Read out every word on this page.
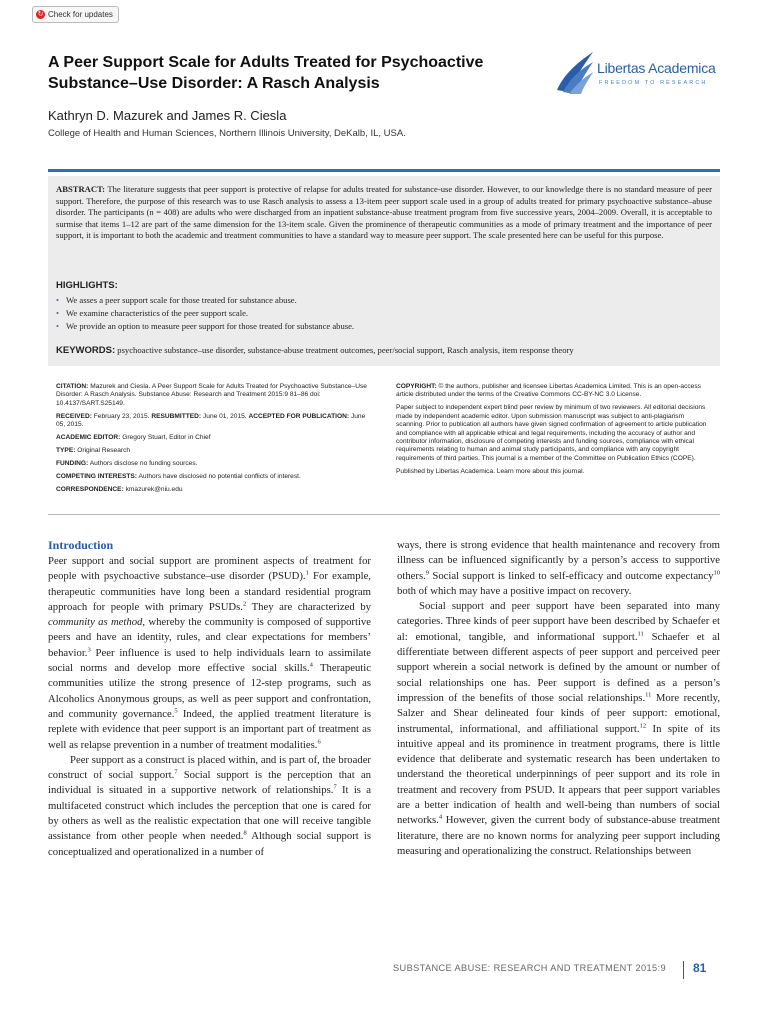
↻ Check for updates
A Peer Support Scale for Adults Treated for Psychoactive Substance–Use Disorder: A Rasch Analysis
Libertas Academica
FREEDOM TO RESEARCH
Kathryn D. Mazurek and James R. Ciesla
College of Health and Human Sciences, Northern Illinois University, DeKalb, IL, USA.

ABSTRACT: The literature suggests that peer support is protective of relapse for adults treated for substance-use disorder. However, to our knowledge there is no standard measure of peer support. Therefore, the purpose of this research was to use Rasch analysis to assess a 13-item peer support scale used in a group of adults treated for primary psychoactive substance–abuse disorder. The participants (n = 408) are adults who were discharged from an inpatient substance-abuse treatment program from five successive years, 2004–2009. Overall, it is acceptable to surmise that items 1–12 are part of the same dimension for the 13-item scale. Given the prominence of therapeutic communities as a mode of primary treatment and the importance of peer support, it is important to both the academic and treatment communities to have a standard way to measure peer support. The scale presented here can be useful for this purpose.

HIGHLIGHTS:
• We asses a peer support scale for those treated for substance abuse.
• We examine characteristics of the peer support scale.
• We provide an option to measure peer support for those treated for substance abuse.
KEYWORDS: psychoactive substance–use disorder, substance-abuse treatment outcomes, peer/social support, Rasch analysis, item response theory

CITATION: Mazurek and Ciesla. A Peer Support Scale for Adults Treated for Psychoactive Substance–Use Disorder: A Rasch Analysis. Substance Abuse: Research and Treatment 2015:9 81–86 doi: 10.4137/SART.S25149.

RECEIVED: February 23, 2015. RESUBMITTED: June 01, 2015. ACCEPTED FOR PUBLICATION: June 05, 2015.

ACADEMIC EDITOR: Gregory Stuart, Editor in Chief

TYPE: Original Research

FUNDING: Authors disclose no funding sources.

COMPETING INTERESTS: Authors have disclosed no potential conflicts of interest.

CORRESPONDENCE: kmazurek@niu.edu

COPYRIGHT: © the authors, publisher and licensee Libertas Academica Limited. This is an open-access article distributed under the terms of the Creative Commons CC-BY-NC 3.0 License.

Paper subject to independent expert blind peer review by minimum of two reviewers. All editorial decisions made by independent academic editor. Upon submission manuscript was subject to anti-plagiarism scanning. Prior to publication all authors have given signed confirmation of agreement to article publication and compliance with all applicable ethical and legal requirements, including the accuracy of author and contributor information, disclosure of competing interests and funding sources, compliance with ethical requirements relating to human and animal study participants, and compliance with any copyright requirements of third parties. This journal is a member of the Committee on Publication Ethics (COPE).

Published by Libertas Academica. Learn more about this journal.

Introduction

Peer support and social support are prominent aspects of treatment for people with psychoactive substance–use disorder (PSUD).$^1$ For example, therapeutic communities have long been a standard residential program approach for people with primary PSUDs.$^2$ They are characterized by community as method, whereby the community is composed of supportive peers and have an identity, rules, and clear expectations for members’ behavior.$^3$ Peer influence is used to help individuals learn to assimilate social norms and develop more effective social skills.$^4$ Therapeutic communities utilize the strong presence of 12-step programs, such as Alcoholics Anonymous groups, as well as peer support and confrontation, and community governance.$^5$ Indeed, the applied treatment literature is replete with evidence that peer support is an important part of treatment as well as relapse prevention in a number of treatment modalities.$^6$

Peer support as a construct is placed within, and is part of, the broader construct of social support.$^7$ Social support is the perception that an individual is situated in a supportive network of relationships.$^7$ It is a multifaceted construct which includes the perception that one is cared for by others as well as the realistic expectation that one will receive tangible assistance from other people when needed.$^8$ Although social support is conceptualized and operationalized in a number of

ways, there is strong evidence that health maintenance and recovery from illness can be influenced significantly by a person’s access to supportive others.$^9$ Social support is linked to self-efficacy and outcome expectancy$^{10}$ both of which may have a positive impact on recovery.

Social support and peer support have been separated into many categories. Three kinds of peer support have been described by Schaefer et al: emotional, tangible, and informational support.$^{11}$ Schaefer et al differentiate between different aspects of peer support and perceived peer support wherein a social network is defined by the amount or number of social relationships one has. Peer support is defined as a person’s impression of the benefits of those social relationships.$^{11}$ More recently, Salzer and Shear delineated four kinds of peer support: emotional, instrumental, informational, and affiliational support.$^{12}$ In spite of its intuitive appeal and its prominence in treatment programs, there is little evidence that deliberate and systematic research has been undertaken to understand the theoretical underpinnings of peer support and its role in treatment and recovery from PSUD. It appears that peer support variables are a better indication of health and well-being than numbers of social networks.$^4$ However, given the current body of substance-abuse treatment literature, there are no known norms for analyzing peer support including measuring and operationalizing the construct. Relationships between

SUBSTANCE ABUSE: RESEARCH AND TREATMENT 2015:9 81
